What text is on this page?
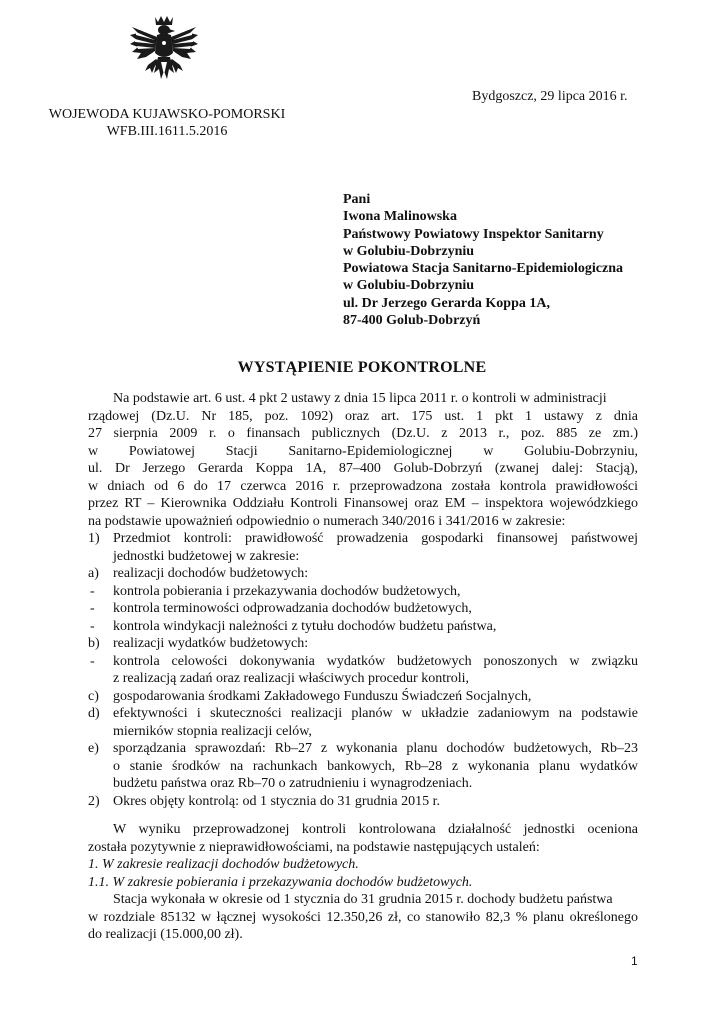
Bydgoszcz, 29 lipca 2016 r.
WOJEWODA KUJAWSKO-POMORSKI
WFB.III.1611.5.2016
Pani
Iwona Malinowska
Państwowy Powiatowy Inspektor Sanitarny
w Golubiu-Dobrzyniu
Powiatowa Stacja Sanitarno-Epidemiologiczna
w Golubiu-Dobrzyniu
ul. Dr Jerzego Gerarda Koppa 1A,
87-400 Golub-Dobrzyń
WYSTĄPIENIE POKONTROLNE
Na podstawie art. 6 ust. 4 pkt 2 ustawy z dnia 15 lipca 2011 r. o kontroli w administracji
rządowej (Dz.U. Nr 185, poz. 1092) oraz art. 175 ust. 1 pkt 1 ustawy z dnia
27 sierpnia 2009 r. o finansach publicznych (Dz.U. z 2013 r., poz. 885 ze zm.)
w Powiatowej Stacji Sanitarno-Epidemiologicznej w Golubiu-Dobrzyniu,
ul. Dr Jerzego Gerarda Koppa 1A, 87–400 Golub-Dobrzyń (zwanej dalej: Stacją),
w dniach od 6 do 17 czerwca 2016 r. przeprowadzona została kontrola prawidłowości
przez RT – Kierownika Oddziału Kontroli Finansowej oraz EM – inspektora wojewódzkiego
na podstawie upoważnień odpowiednio o numerach 340/2016 i 341/2016 w zakresie:
1) Przedmiot kontroli: prawidłowość prowadzenia gospodarki finansowej państwowej
jednostki budżetowej w zakresie:
a) realizacji dochodów budżetowych:
- kontrola pobierania i przekazywania dochodów budżetowych,
- kontrola terminowości odprowadzania dochodów budżetowych,
- kontrola windykacji należności z tytułu dochodów budżetu państwa,
b) realizacji wydatków budżetowych:
- kontrola celowości dokonywania wydatków budżetowych ponoszonych w związku
z realizacją zadań oraz realizacji właściwych procedur kontroli,
c) gospodarowania środkami Zakładowego Funduszu Świadczeń Socjalnych,
d) efektywności i skuteczności realizacji planów w układzie zadaniowym na podstawie
mierników stopnia realizacji celów,
e) sporządzania sprawozdań: Rb–27 z wykonania planu dochodów budżetowych, Rb–23
o stanie środków na rachunkach bankowych, Rb–28 z wykonania planu wydatków
budżetu państwa oraz Rb–70 o zatrudnieniu i wynagrodzeniach.
2) Okres objęty kontrolą: od 1 stycznia do 31 grudnia 2015 r.
W wyniku przeprowadzonej kontroli kontrolowana działalność jednostki oceniona
została pozytywnie z nieprawidłowościami, na podstawie następujących ustaleń:
1. W zakresie realizacji dochodów budżetowych.
1.1. W zakresie pobierania i przekazywania dochodów budżetowych.
Stacja wykonała w okresie od 1 stycznia do 31 grudnia 2015 r. dochody budżetu państwa
w rozdziale 85132 w łącznej wysokości 12.350,26 zł, co stanowiło 82,3 % planu określonego
do realizacji (15.000,00 zł).
1
